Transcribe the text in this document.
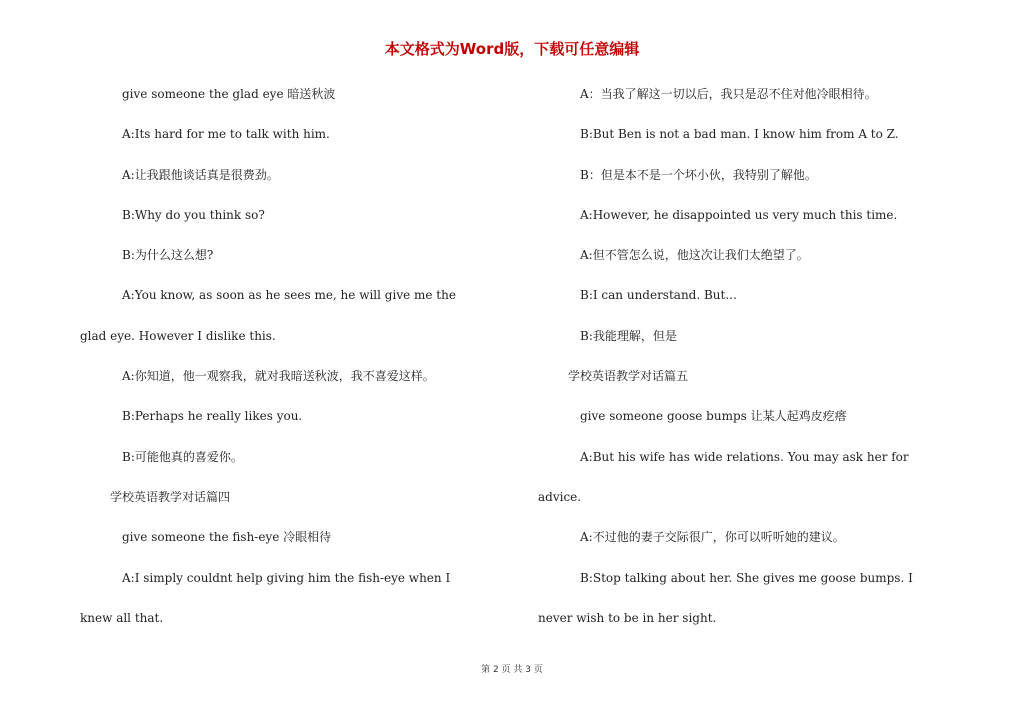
本文格式为Word版，下载可任意编辑
give someone the glad eye 暗送秋波
A:Its hard for me to talk with him.
A:让我跟他谈话真是很费劲。
B:Why do you think so?
B:为什么这么想?
A:You know, as soon as he sees me, he will give me the
glad eye. However I dislike this.
A:你知道，他一观察我，就对我暗送秋波，我不喜爱这样。
B:Perhaps he really likes you.
B:可能他真的喜爱你。
学校英语教学对话篇四
give someone the fish-eye 冷眼相待
A:I simply couldnt help giving him the fish-eye when I
knew all that.
A：当我了解这一切以后，我只是忍不住对他冷眼相待。
B:But Ben is not a bad man. I know him from A to Z.
B：但是本不是一个坏小伙，我特别了解他。
A:However, he disappointed us very much this time.
A:但不管怎么说，他这次让我们太绝望了。
B:I can understand. But...
B:我能理解，但是
学校英语教学对话篇五
give someone goose bumps 让某人起鸡皮疙瘩
A:But his wife has wide relations. You may ask her for
advice.
A:不过他的妻子交际很广，你可以听听她的建议。
B:Stop talking about her. She gives me goose bumps. I
never wish to be in her sight.
第 2 页 共 3 页
